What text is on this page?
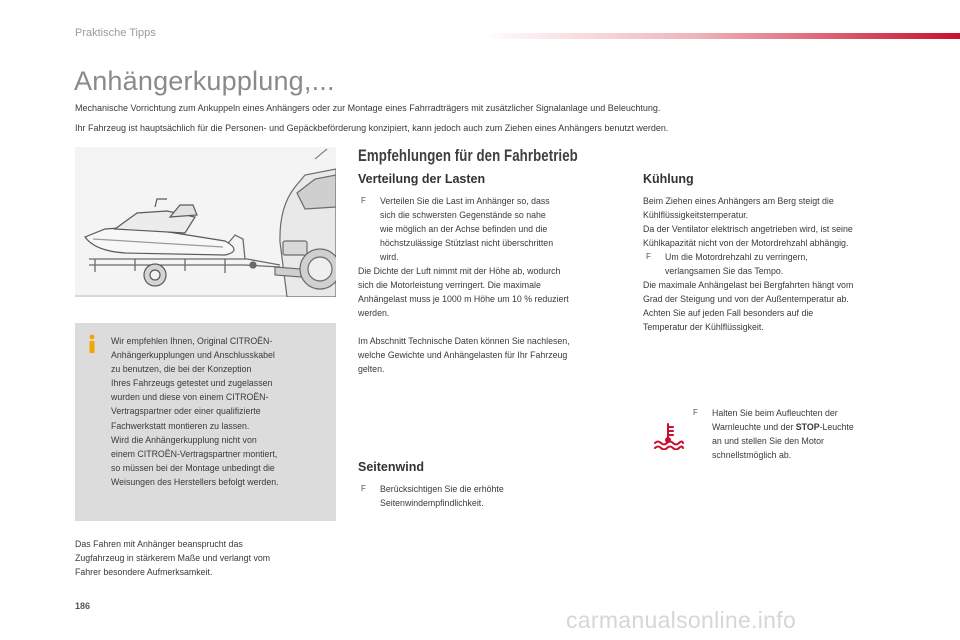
Praktische Tipps
Anhängerkupplung,...
Mechanische Vorrichtung zum Ankuppeln eines Anhängers oder zur Montage eines Fahrradträgers mit zusätzlicher Signalanlage und Beleuchtung.
Ihr Fahrzeug ist hauptsächlich für die Personen- und Gepäckbeförderung konzipiert, kann jedoch auch zum Ziehen eines Anhängers benutzt werden.

Wir empfehlen Ihnen, Original CITROËN-

Anhängerkupplungen und Anschlusskabel

zu benutzen, die bei der Konzeption

Ihres Fahrzeugs getestet und zugelassen

wurden und diese von einem CITROËN-

Vertragspartner oder einer qualifizierte

Fachwerkstatt montieren zu lassen.

Wird die Anhängerkupplung nicht von

einem CITROËN-Vertragspartner montiert,

so müssen bei der Montage unbedingt die

Weisungen des Herstellers befolgt werden.

Das Fahren mit Anhänger beansprucht das

Zugfahrzeug in stärkerem Maße und verlangt vom

Fahrer besondere Aufmerksamkeit.

Empfehlungen für den Fahrbetrieb
Verteilung der Lasten
F Verteilen Sie die Last im Anhänger so, dass

sich die schwersten Gegenstände so nahe

wie möglich an der Achse befinden und die

höchstzulässige Stützlast nicht überschritten

wird.

Die Dichte der Luft nimmt mit der Höhe ab, wodurch

sich die Motorleistung verringert. Die maximale

Anhängelast muss je 1000 m Höhe um 10 % reduziert

werden.

Im Abschnitt Technische Daten können Sie nachlesen,

welche Gewichte und Anhängelasten für Ihr Fahrzeug

gelten.

Seitenwind
F Berücksichtigen Sie die erhöhte

Seitenwindempfindlichkeit.

Kühlung

Beim Ziehen eines Anhängers am Berg steigt die

Kühlflüssigkeitstemperatur.

Da der Ventilator elektrisch angetrieben wird, ist seine

Kühlkapazität nicht von der Motordrehzahl abhängig.

F Um die Motordrehzahl zu verringern,

verlangsamen Sie das Tempo.

Die maximale Anhängelast bei Bergfahrten hängt vom

Grad der Steigung und von der Außentemperatur ab.

Achten Sie auf jeden Fall besonders auf die

Temperatur der Kühlflüssigkeit.

F Halten Sie beim Aufleuchten der

Warnleuchte und der STOP-Leuchte

an und stellen Sie den Motor

schnellstmöglich ab.

186
carmanualsonline.info
